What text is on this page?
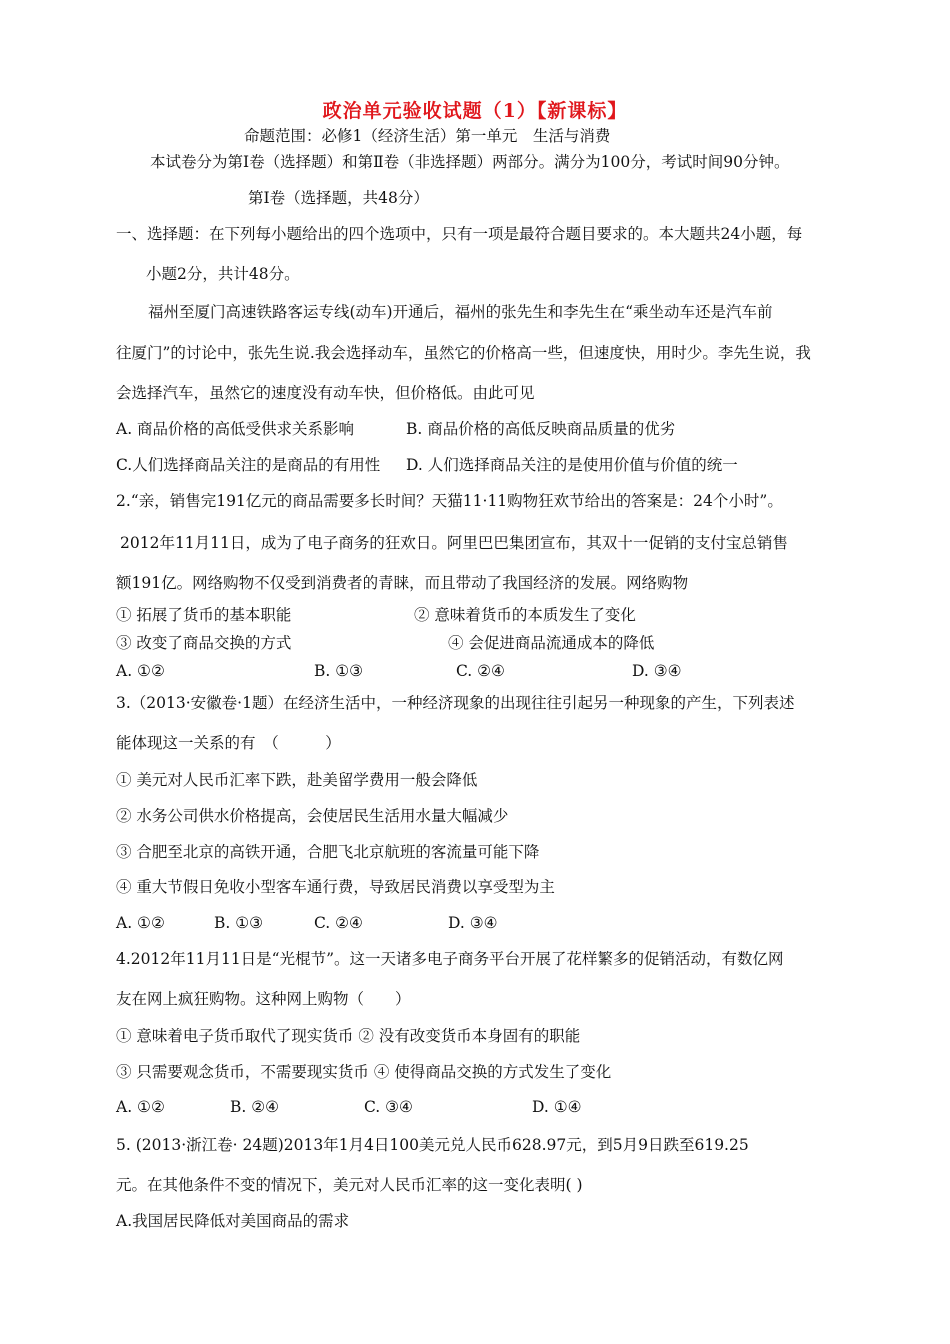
政治单元验收试题（1）【新课标】
命题范围：必修1（经济生活）第一单元　生活与消费
本试卷分为第Ⅰ卷（选择题）和第Ⅱ卷（非选择题）两部分。满分为100分，考试时间90分钟。
第Ⅰ卷（选择题，共48分）
一、选择题：在下列每小题给出的四个选项中，只有一项是最符合题目要求的。本大题共24小题，每
小题2分，共计48分。
福州至厦门高速铁路客运专线(动车)开通后，福州的张先生和李先生在“乘坐动车还是汽车前
往厦门”的讨论中，张先生说.我会选择动车，虽然它的价格高一些，但速度快，用时少。李先生说，我
会选择汽车，虽然它的速度没有动车快，但价格低。由此可见
A. 商品价格的高低受供求关系影响	B. 商品价格的高低反映商品质量的优劣
C.人们选择商品关注的是商品的有用性 D. 人们选择商品关注的是使用价值与价值的统一
2.“亲，销售完191亿元的商品需要多长时间？天猫11·11购物狂欢节给出的答案是：24个小时”。
2012年11月11日，成为了电子商务的狂欢日。阿里巴巴集团宣布，其双十一促销的支付宝总销售
额191亿。网络购物不仅受到消费者的青睐，而且带动了我国经济的发展。网络购物
① 拓展了货币的基本职能	② 意味着货币的本质发生了变化
③ 改变了商品交换的方式	④ 会促进商品流通成本的降低
A. ①②	B. ①③	C. ②④	D. ③④
3.（2013·安徽卷·1题）在经济生活中，一种经济现象的出现往往引起另一种现象的产生，下列表述
能体现这一关系的有　（　　　）
① 美元对人民币汇率下跌，赴美留学费用一般会降低
② 水务公司供水价格提高，会使居民生活用水量大幅减少
③ 合肥至北京的高铁开通，合肥飞北京航班的客流量可能下降
④ 重大节假日免收小型客车通行费，导致居民消费以享受型为主
A. ①②	B. ①③	C. ②④	D. ③④
4.2012年11月11日是“光棍节”。这一天诸多电子商务平台开展了花样繁多的促销活动，有数亿网
友在网上疯狂购物。这种网上购物（　　）
① 意味着电子货币取代了现实货币 ② 没有改变货币本身固有的职能
③ 只需要观念货币，不需要现实货币 ④ 使得商品交换的方式发生了变化
A. ①②	B. ②④	C. ③④	D. ①④
5. (2013·浙江卷· 24题)2013年1月4日100美元兑人民币628.97元，到5月9日跌至619.25
元。在其他条件不变的情况下，美元对人民币汇率的这一变化表明( )
A.我国居民降低对美国商品的需求
